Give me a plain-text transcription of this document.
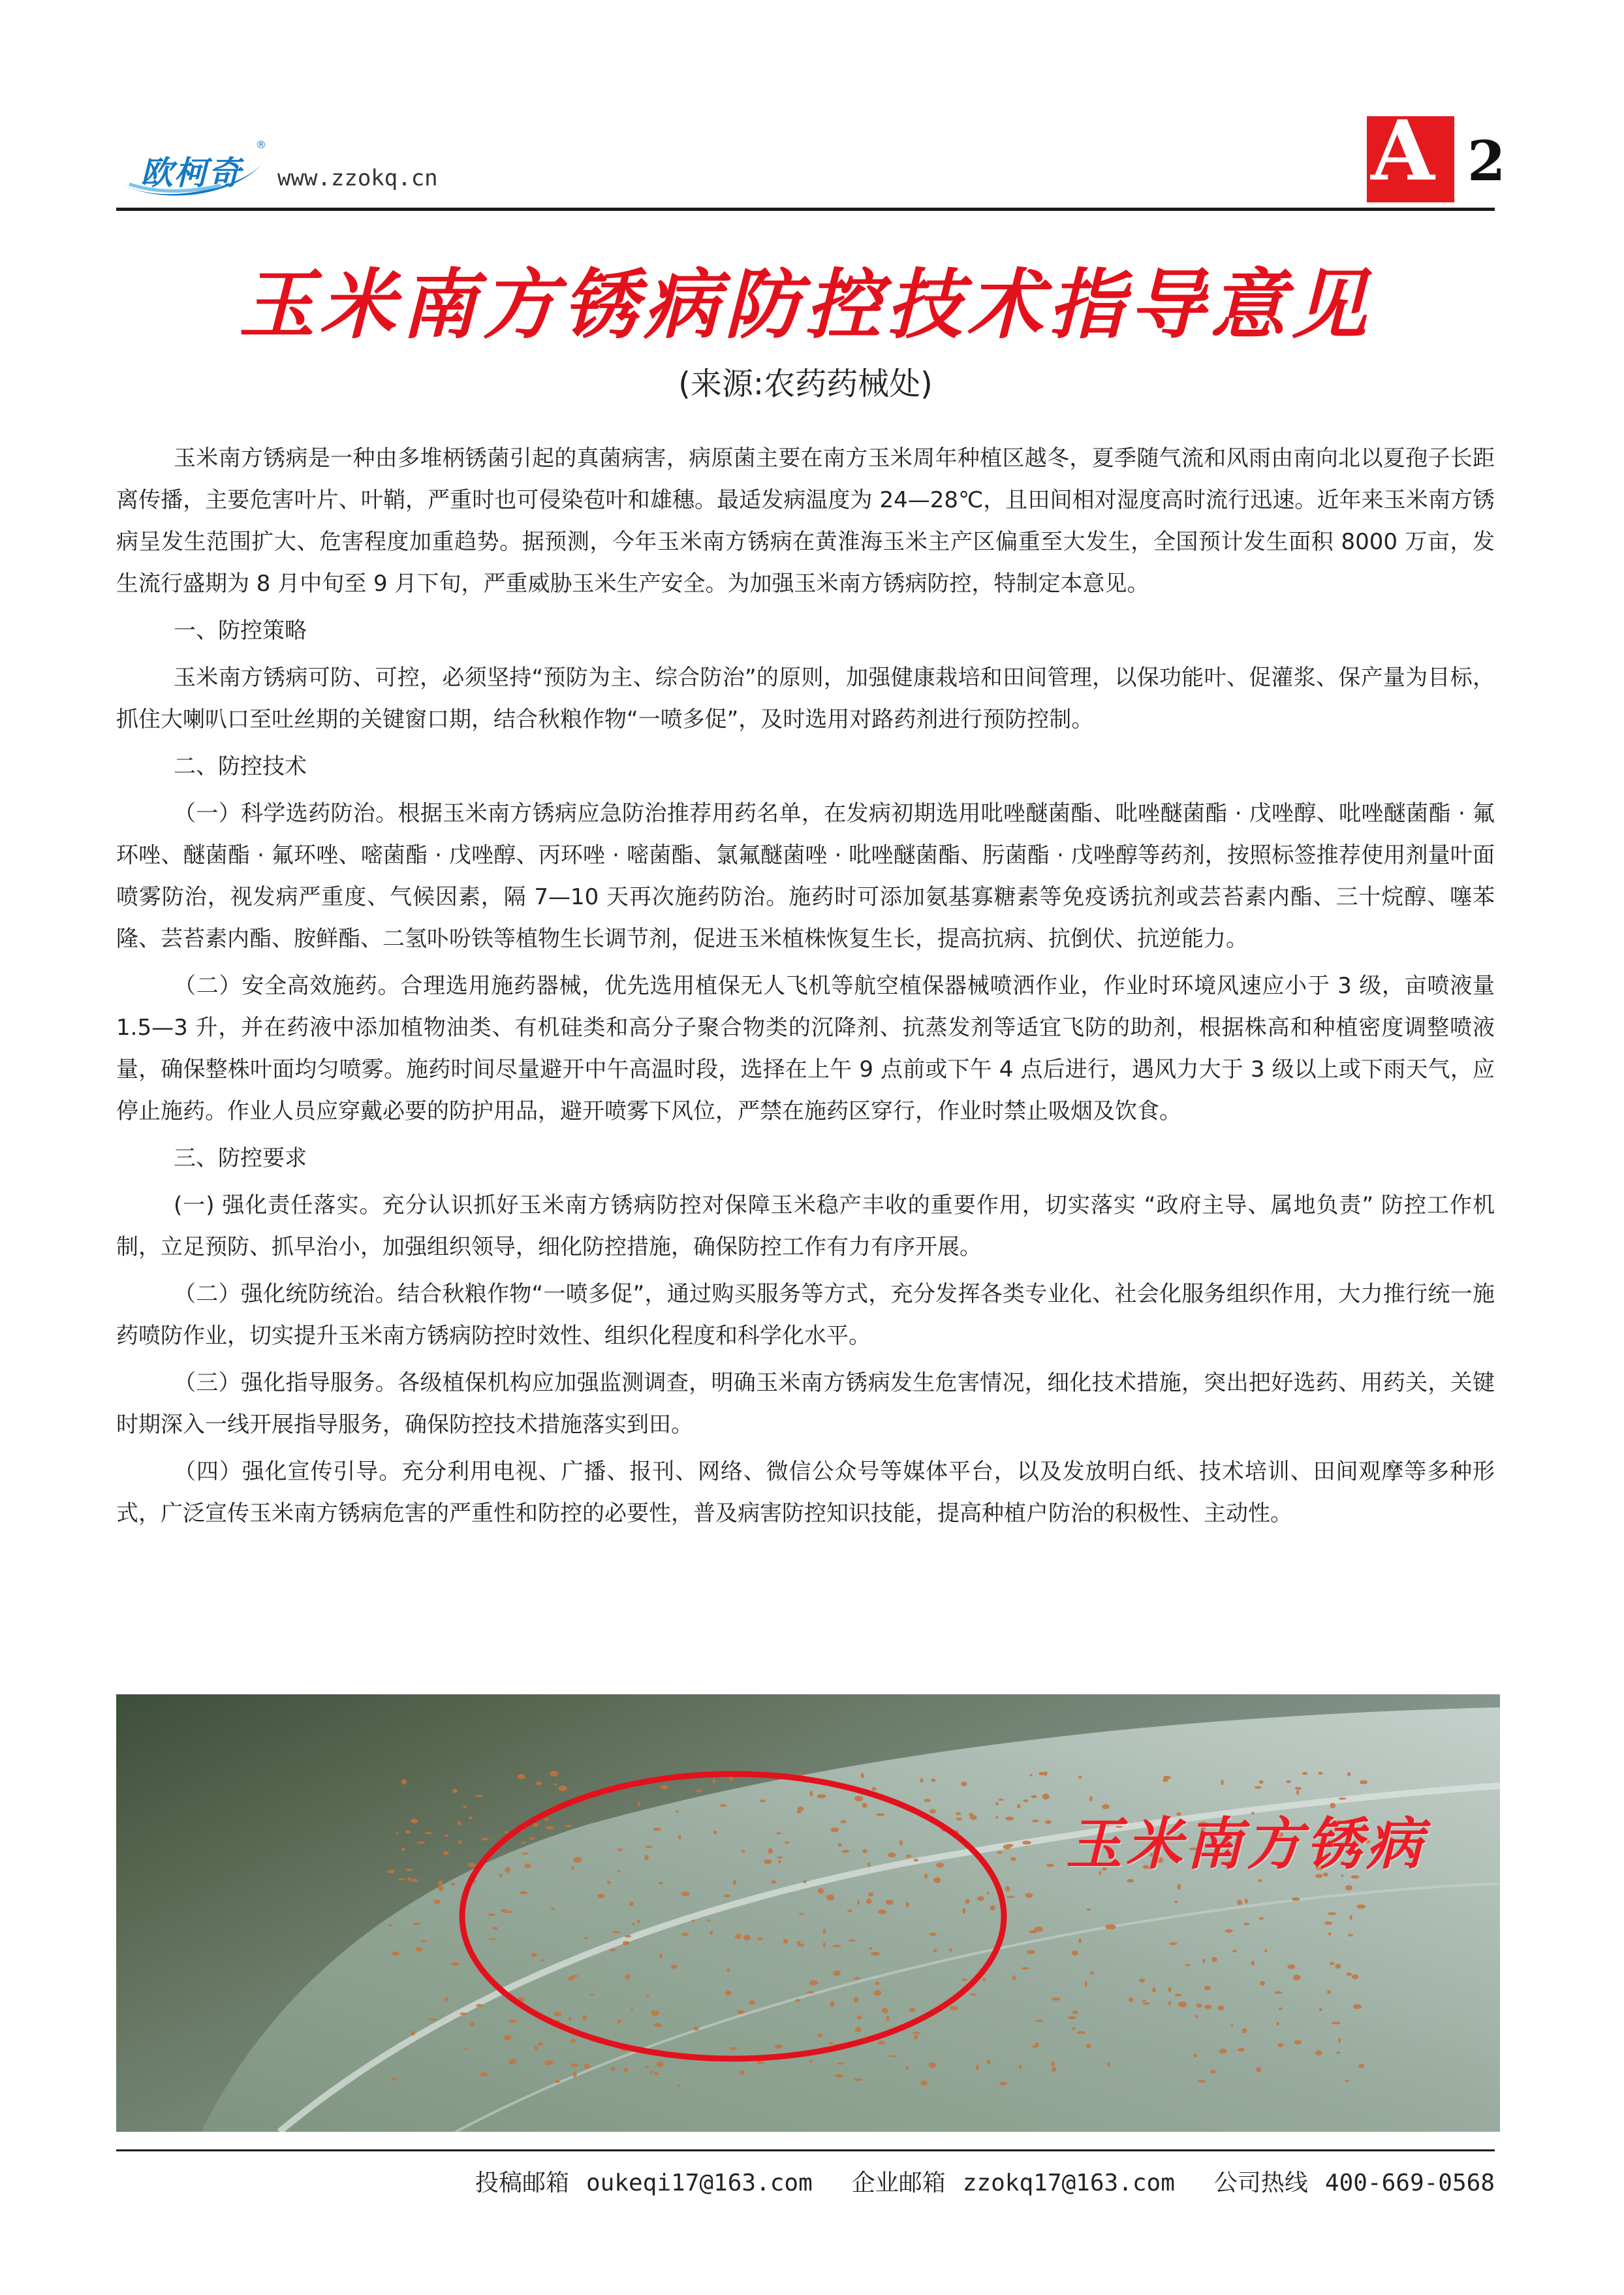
欧柯奇
®
www.zzokq.cn	A 2
玉米南方锈病防控技术指导意见
(来源:农药药械处)

玉米南方锈病是一种由多堆柄锈菌引起的真菌病害，病原菌主要在南方玉米周年种植区越冬，夏季随气流和风雨由南向北以夏孢子长距离传播，主要危害叶片、叶鞘，严重时也可侵染苞叶和雄穗。最适发病温度为 24—28℃，且田间相对湿度高时流行迅速。近年来玉米南方锈病呈发生范围扩大、危害程度加重趋势。据预测，今年玉米南方锈病在黄淮海玉米主产区偏重至大发生，全国预计发生面积 8000 万亩，发生流行盛期为 8 月中旬至 9 月下旬，严重威胁玉米生产安全。为加强玉米南方锈病防控，特制定本意见。

一、防控策略

玉米南方锈病可防、可控，必须坚持“预防为主、综合防治”的原则，加强健康栽培和田间管理，以保功能叶、促灌浆、保产量为目标，抓住大喇叭口至吐丝期的关键窗口期，结合秋粮作物“一喷多促”，及时选用对路药剂进行预防控制。

二、防控技术

（一）科学选药防治。根据玉米南方锈病应急防治推荐用药名单，在发病初期选用吡唑醚菌酯、吡唑醚菌酯 · 戊唑醇、吡唑醚菌酯 · 氟环唑、醚菌酯 · 氟环唑、嘧菌酯 · 戊唑醇、丙环唑 · 嘧菌酯、氯氟醚菌唑 · 吡唑醚菌酯、肟菌酯 · 戊唑醇等药剂，按照标签推荐使用剂量叶面喷雾防治，视发病严重度、气候因素，隔 7—10 天再次施药防治。施药时可添加氨基寡糖素等免疫诱抗剂或芸苔素内酯、三十烷醇、噻苯隆、芸苔素内酯、胺鲜酯、二氢卟吩铁等植物生长调节剂，促进玉米植株恢复生长，提高抗病、抗倒伏、抗逆能力。

（二）安全高效施药。合理选用施药器械，优先选用植保无人飞机等航空植保器械喷洒作业，作业时环境风速应小于 3 级，亩喷液量 1.5—3 升，并在药液中添加植物油类、有机硅类和高分子聚合物类的沉降剂、抗蒸发剂等适宜飞防的助剂，根据株高和种植密度调整喷液量，确保整株叶面均匀喷雾。施药时间尽量避开中午高温时段，选择在上午 9 点前或下午 4 点后进行，遇风力大于 3 级以上或下雨天气，应停止施药。作业人员应穿戴必要的防护用品，避开喷雾下风位，严禁在施药区穿行，作业时禁止吸烟及饮食。

三、防控要求

(一) 强化责任落实。充分认识抓好玉米南方锈病防控对保障玉米稳产丰收的重要作用，切实落实 “政府主导、属地负责” 防控工作机制，立足预防、抓早治小，加强组织领导，细化防控措施，确保防控工作有力有序开展。

（二）强化统防统治。结合秋粮作物“一喷多促”，通过购买服务等方式，充分发挥各类专业化、社会化服务组织作用，大力推行统一施药喷防作业，切实提升玉米南方锈病防控时效性、组织化程度和科学化水平。

（三）强化指导服务。各级植保机构应加强监测调查，明确玉米南方锈病发生危害情况，细化技术措施，突出把好选药、用药关，关键时期深入一线开展指导服务，确保防控技术措施落实到田。

（四）强化宣传引导。充分利用电视、广播、报刊、网络、微信公众号等媒体平台，以及发放明白纸、技术培训、田间观摩等多种形式，广泛宣传玉米南方锈病危害的严重性和防控的必要性，普及病害防控知识技能，提高种植户防治的积极性、主动性。

玉米南方锈病
投稿邮箱 oukeqi17@163.com 企业邮箱 zzokq17@163.com 公司热线 400-669-0568
